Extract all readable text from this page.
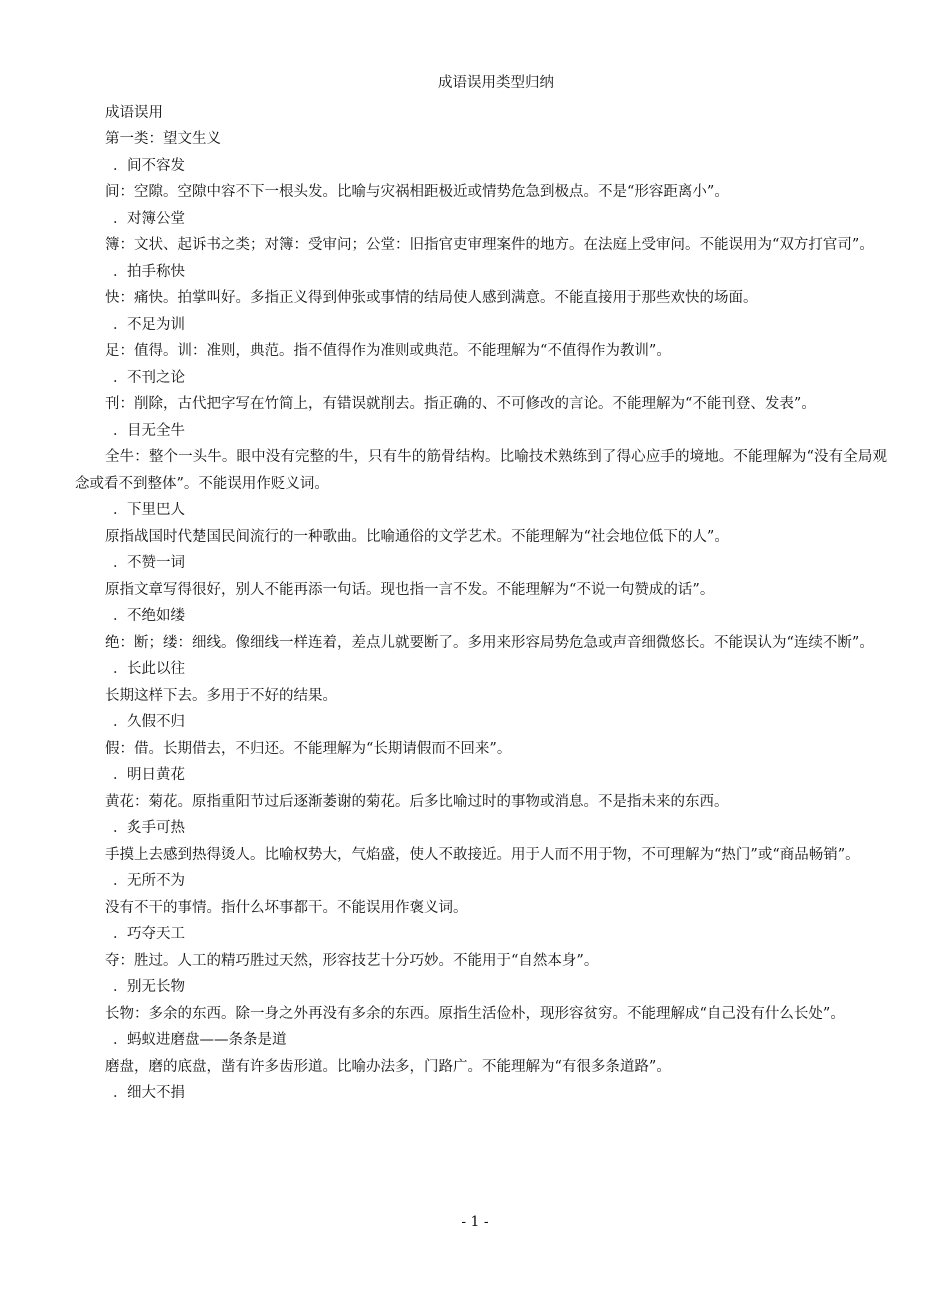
成语误用类型归纳

成语误用

第一类：望文生义

．间不容发

间：空隙。空隙中容不下一根头发。比喻与灾祸相距极近或情势危急到极点。不是“形容距离小”。

．对簿公堂

簿：文状、起诉书之类；对簿：受审问；公堂：旧指官吏审理案件的地方。在法庭上受审问。不能误用为“双方打官司”。

．拍手称快

快：痛快。拍掌叫好。多指正义得到伸张或事情的结局使人感到满意。不能直接用于那些欢快的场面。

．不足为训

足：值得。训：准则，典范。指不值得作为准则或典范。不能理解为“不值得作为教训”。

．不刊之论

刊：削除，古代把字写在竹简上，有错误就削去。指正确的、不可修改的言论。不能理解为“不能刊登、发表”。

．目无全牛

全牛：整个一头牛。眼中没有完整的牛，只有牛的筋骨结构。比喻技术熟练到了得心应手的境地。不能理解为“没有全局观念或看不到整体”。不能误用作贬义词。

．下里巴人

原指战国时代楚国民间流行的一种歌曲。比喻通俗的文学艺术。不能理解为“社会地位低下的人”。

．不赞一词

原指文章写得很好，别人不能再添一句话。现也指一言不发。不能理解为“不说一句赞成的话”。

．不绝如缕

绝：断；缕：细线。像细线一样连着，差点儿就要断了。多用来形容局势危急或声音细微悠长。不能误认为“连续不断”。

．长此以往

长期这样下去。多用于不好的结果。

．久假不归

假：借。长期借去，不归还。不能理解为“长期请假而不回来”。

．明日黄花

黄花：菊花。原指重阳节过后逐渐萎谢的菊花。后多比喻过时的事物或消息。不是指未来的东西。

．炙手可热

手摸上去感到热得烫人。比喻权势大，气焰盛，使人不敢接近。用于人而不用于物，不可理解为“热门”或“商品畅销”。

．无所不为

没有不干的事情。指什么坏事都干。不能误用作褒义词。

．巧夺天工

夺：胜过。人工的精巧胜过天然，形容技艺十分巧妙。不能用于“自然本身”。

．别无长物

长物：多余的东西。除一身之外再没有多余的东西。原指生活俭朴，现形容贫穷。不能理解成“自己没有什么长处”。

．蚂蚁进磨盘——条条是道

磨盘，磨的底盘，凿有许多齿形道。比喻办法多，门路广。不能理解为“有很多条道路”。

．细大不捐

- 1 -
